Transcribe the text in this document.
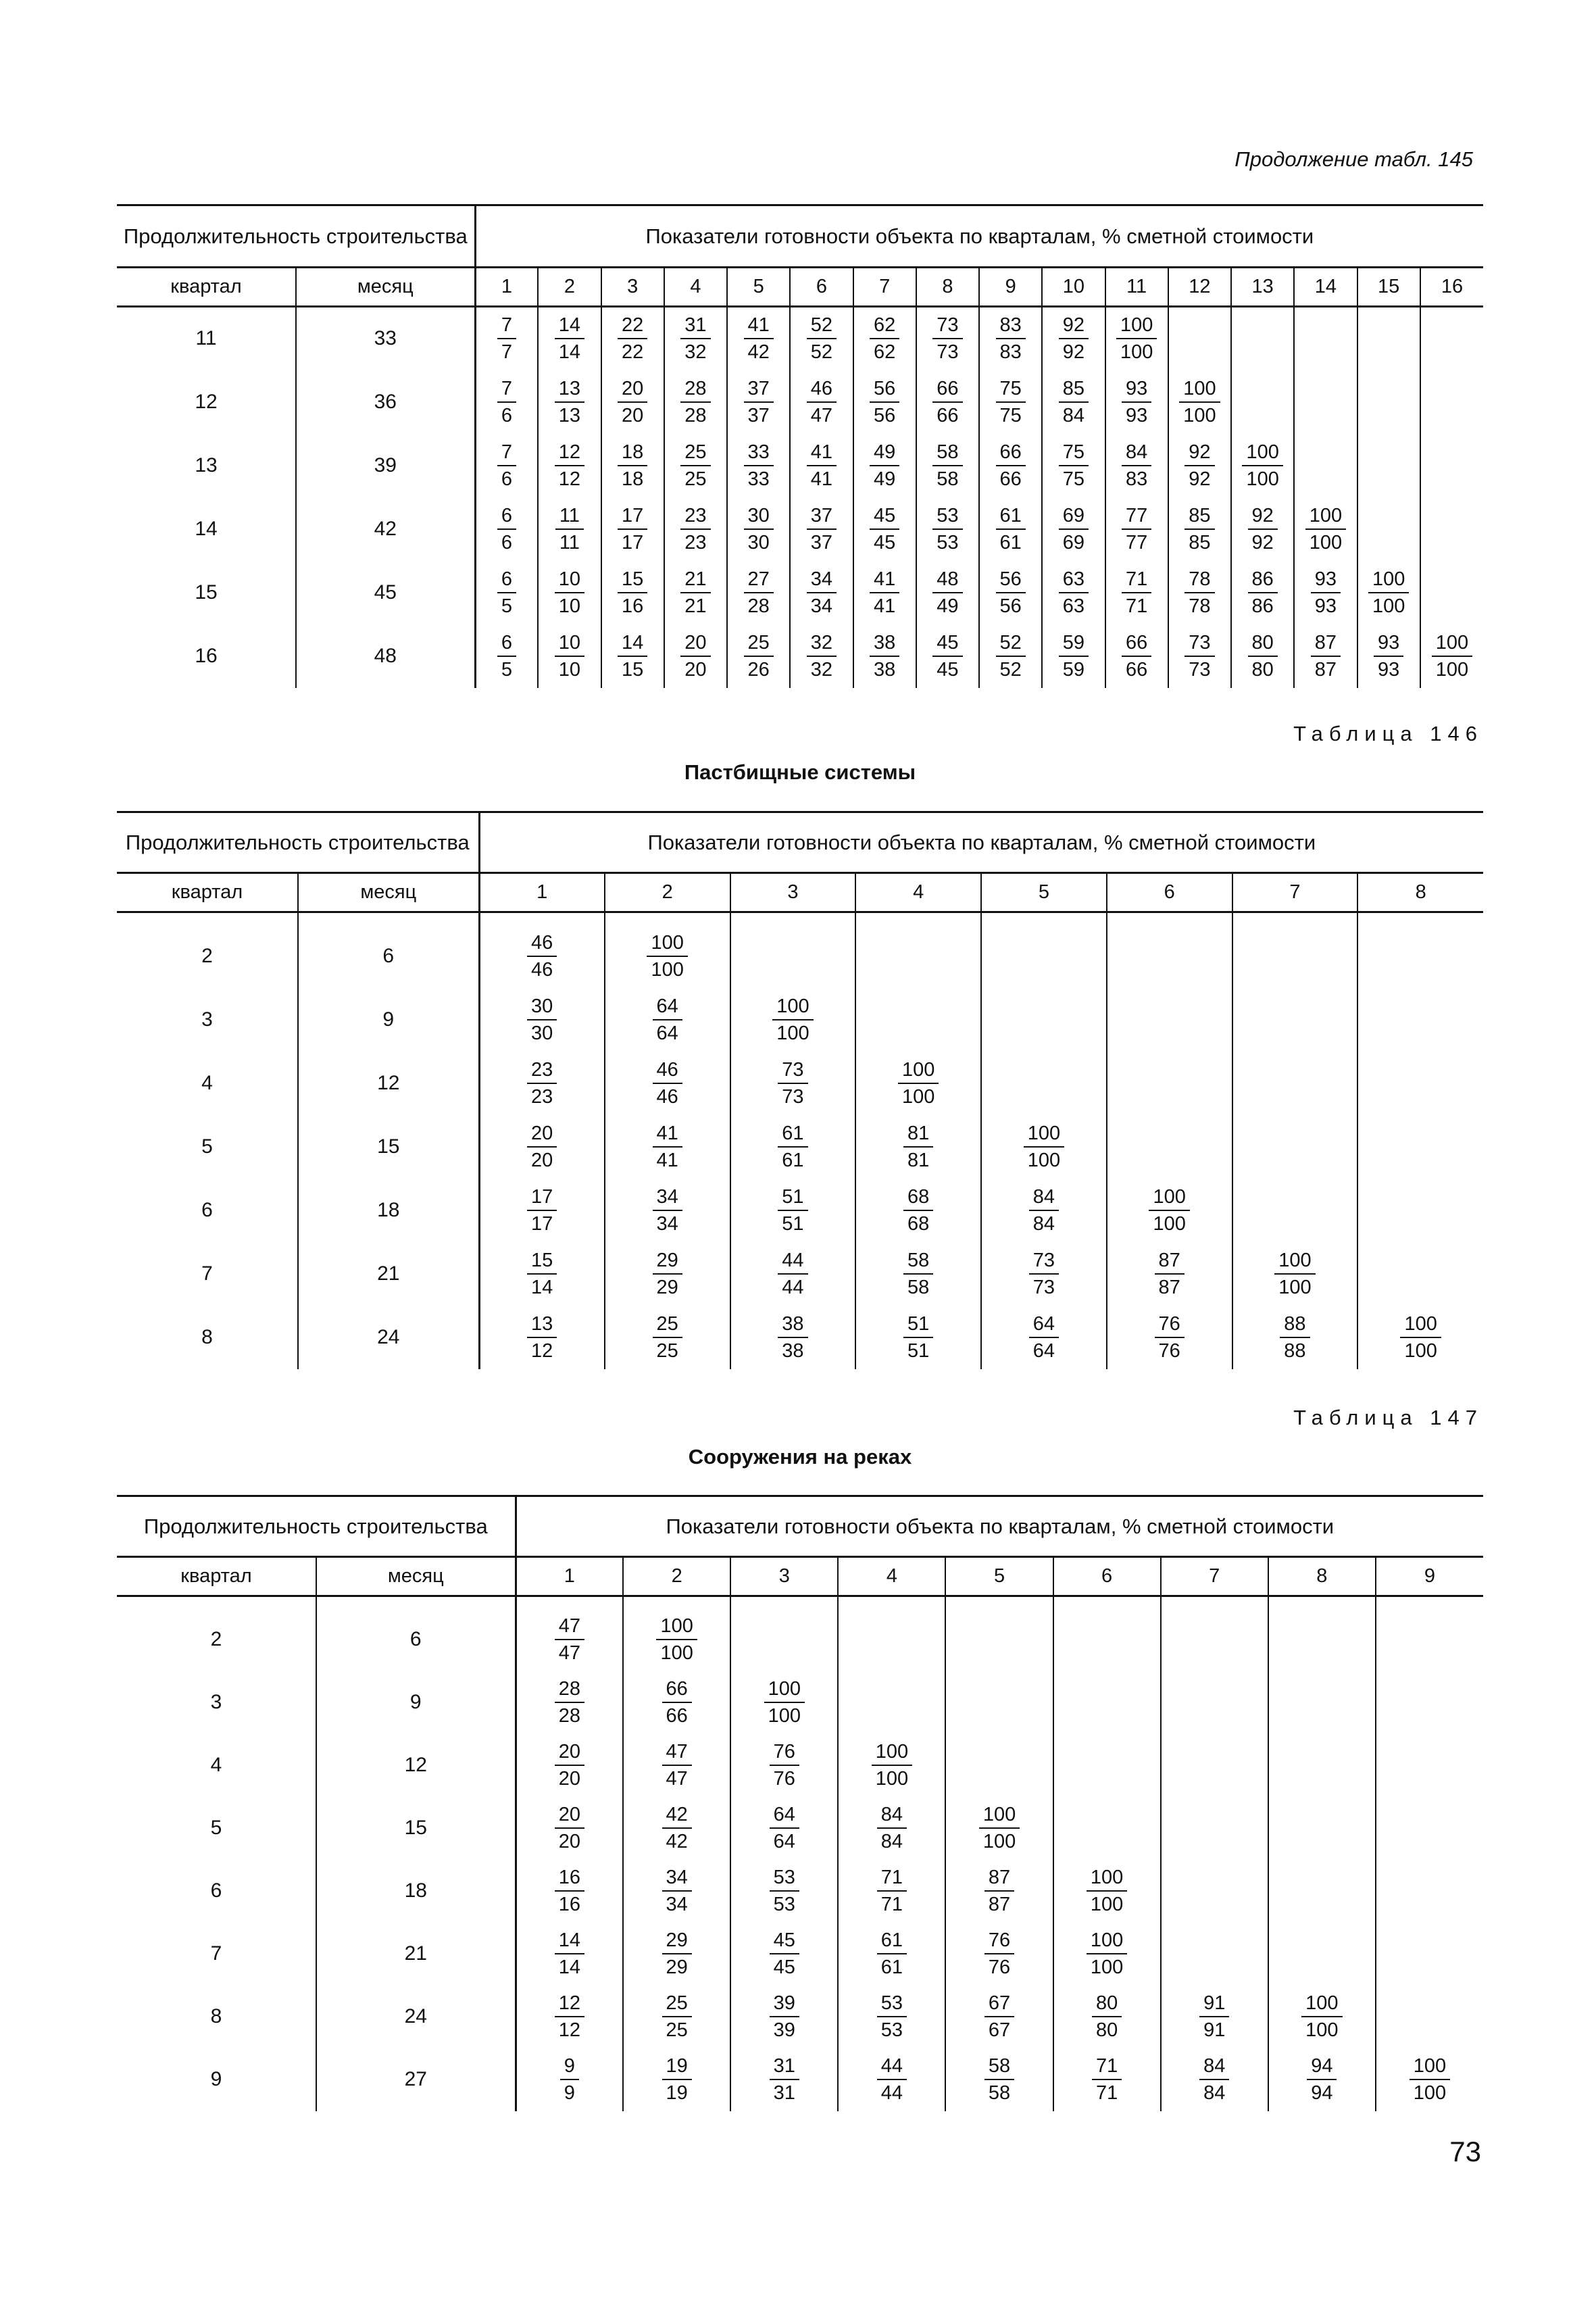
Продолжение табл. 145
Продолжительность строительства		Показатели готовности объекта по кварталам, % сметной стоимости															
квартал	месяц	1	2	3	4	5	6	7	8	9	10	11	12	13	14	15	16
11	33	$\frac{7}{7}$	$\frac{14}{14}$	$\frac{22}{22}$	$\frac{31}{32}$	$\frac{41}{42}$	$\frac{52}{52}$	$\frac{62}{62}$	$\frac{73}{73}$	$\frac{83}{83}$	$\frac{92}{92}$	$\frac{100}{100}$

12	36	$\frac{7}{6}$	$\frac{13}{13}$	$\frac{20}{20}$	$\frac{28}{28}$	$\frac{37}{37}$	$\frac{46}{47}$	$\frac{56}{56}$	$\frac{66}{66}$	$\frac{75}{75}$	$\frac{85}{84}$	$\frac{93}{93}$	$\frac{100}{100}$

13	39	$\frac{7}{6}$	$\frac{12}{12}$	$\frac{18}{18}$	$\frac{25}{25}$	$\frac{33}{33}$	$\frac{41}{41}$	$\frac{49}{49}$	$\frac{58}{58}$	$\frac{66}{66}$	$\frac{75}{75}$	$\frac{84}{83}$	$\frac{92}{92}$	$\frac{100}{100}$

14	42	$\frac{6}{6}$	$\frac{11}{11}$	$\frac{17}{17}$	$\frac{23}{23}$	$\frac{30}{30}$	$\frac{37}{37}$	$\frac{45}{45}$	$\frac{53}{53}$	$\frac{61}{61}$	$\frac{69}{69}$	$\frac{77}{77}$	$\frac{85}{85}$	$\frac{92}{92}$	$\frac{100}{100}$

15	45	$\frac{6}{5}$	$\frac{10}{10}$	$\frac{15}{16}$	$\frac{21}{21}$	$\frac{27}{28}$	$\frac{34}{34}$	$\frac{41}{41}$	$\frac{48}{49}$	$\frac{56}{56}$	$\frac{63}{63}$	$\frac{71}{71}$	$\frac{78}{78}$	$\frac{86}{86}$	$\frac{93}{93}$	$\frac{100}{100}$

16	48	$\frac{6}{5}$	$\frac{10}{10}$	$\frac{14}{15}$	$\frac{20}{20}$	$\frac{25}{26}$	$\frac{32}{32}$	$\frac{38}{38}$	$\frac{45}{45}$	$\frac{52}{52}$	$\frac{59}{59}$	$\frac{66}{66}$	$\frac{73}{73}$	$\frac{80}{80}$	$\frac{87}{87}$	$\frac{93}{93}$	$\frac{100}{100}$
Таблица 146
Пастбищные системы
Продолжительность строительства		Показатели готовности объекта по кварталам, % сметной стоимости							
квартал	месяц	1	2	3	4	5	6	7	8

2	6	$\frac{46}{46}$	$\frac{100}{100}$

3	9	$\frac{30}{30}$	$\frac{64}{64}$	$\frac{100}{100}$

4	12	$\frac{23}{23}$	$\frac{46}{46}$	$\frac{73}{73}$	$\frac{100}{100}$

5	15	$\frac{20}{20}$	$\frac{41}{41}$	$\frac{61}{61}$	$\frac{81}{81}$	$\frac{100}{100}$

6	18	$\frac{17}{17}$	$\frac{34}{34}$	$\frac{51}{51}$	$\frac{68}{68}$	$\frac{84}{84}$	$\frac{100}{100}$

7	21	$\frac{15}{14}$	$\frac{29}{29}$	$\frac{44}{44}$	$\frac{58}{58}$	$\frac{73}{73}$	$\frac{87}{87}$	$\frac{100}{100}$

8	24	$\frac{13}{12}$	$\frac{25}{25}$	$\frac{38}{38}$	$\frac{51}{51}$	$\frac{64}{64}$	$\frac{76}{76}$	$\frac{88}{88}$	$\frac{100}{100}$
Таблица 147
Сооружения на реках
Продолжительность строительства		Показатели готовности объекта по кварталам, % сметной стоимости								
квартал	месяц	1	2	3	4	5	6	7	8	9

2	6	$\frac{47}{47}$	$\frac{100}{100}$

3	9	$\frac{28}{28}$	$\frac{66}{66}$	$\frac{100}{100}$

4	12	$\frac{20}{20}$	$\frac{47}{47}$	$\frac{76}{76}$	$\frac{100}{100}$

5	15	$\frac{20}{20}$	$\frac{42}{42}$	$\frac{64}{64}$	$\frac{84}{84}$	$\frac{100}{100}$

6	18	$\frac{16}{16}$	$\frac{34}{34}$	$\frac{53}{53}$	$\frac{71}{71}$	$\frac{87}{87}$	$\frac{100}{100}$

7	21	$\frac{14}{14}$	$\frac{29}{29}$	$\frac{45}{45}$	$\frac{61}{61}$	$\frac{76}{76}$	$\frac{100}{100}$

8	24	$\frac{12}{12}$	$\frac{25}{25}$	$\frac{39}{39}$	$\frac{53}{53}$	$\frac{67}{67}$	$\frac{80}{80}$	$\frac{91}{91}$	$\frac{100}{100}$

9	27	$\frac{9}{9}$	$\frac{19}{19}$	$\frac{31}{31}$	$\frac{44}{44}$	$\frac{58}{58}$	$\frac{71}{71}$	$\frac{84}{84}$	$\frac{94}{94}$	$\frac{100}{100}$
73
